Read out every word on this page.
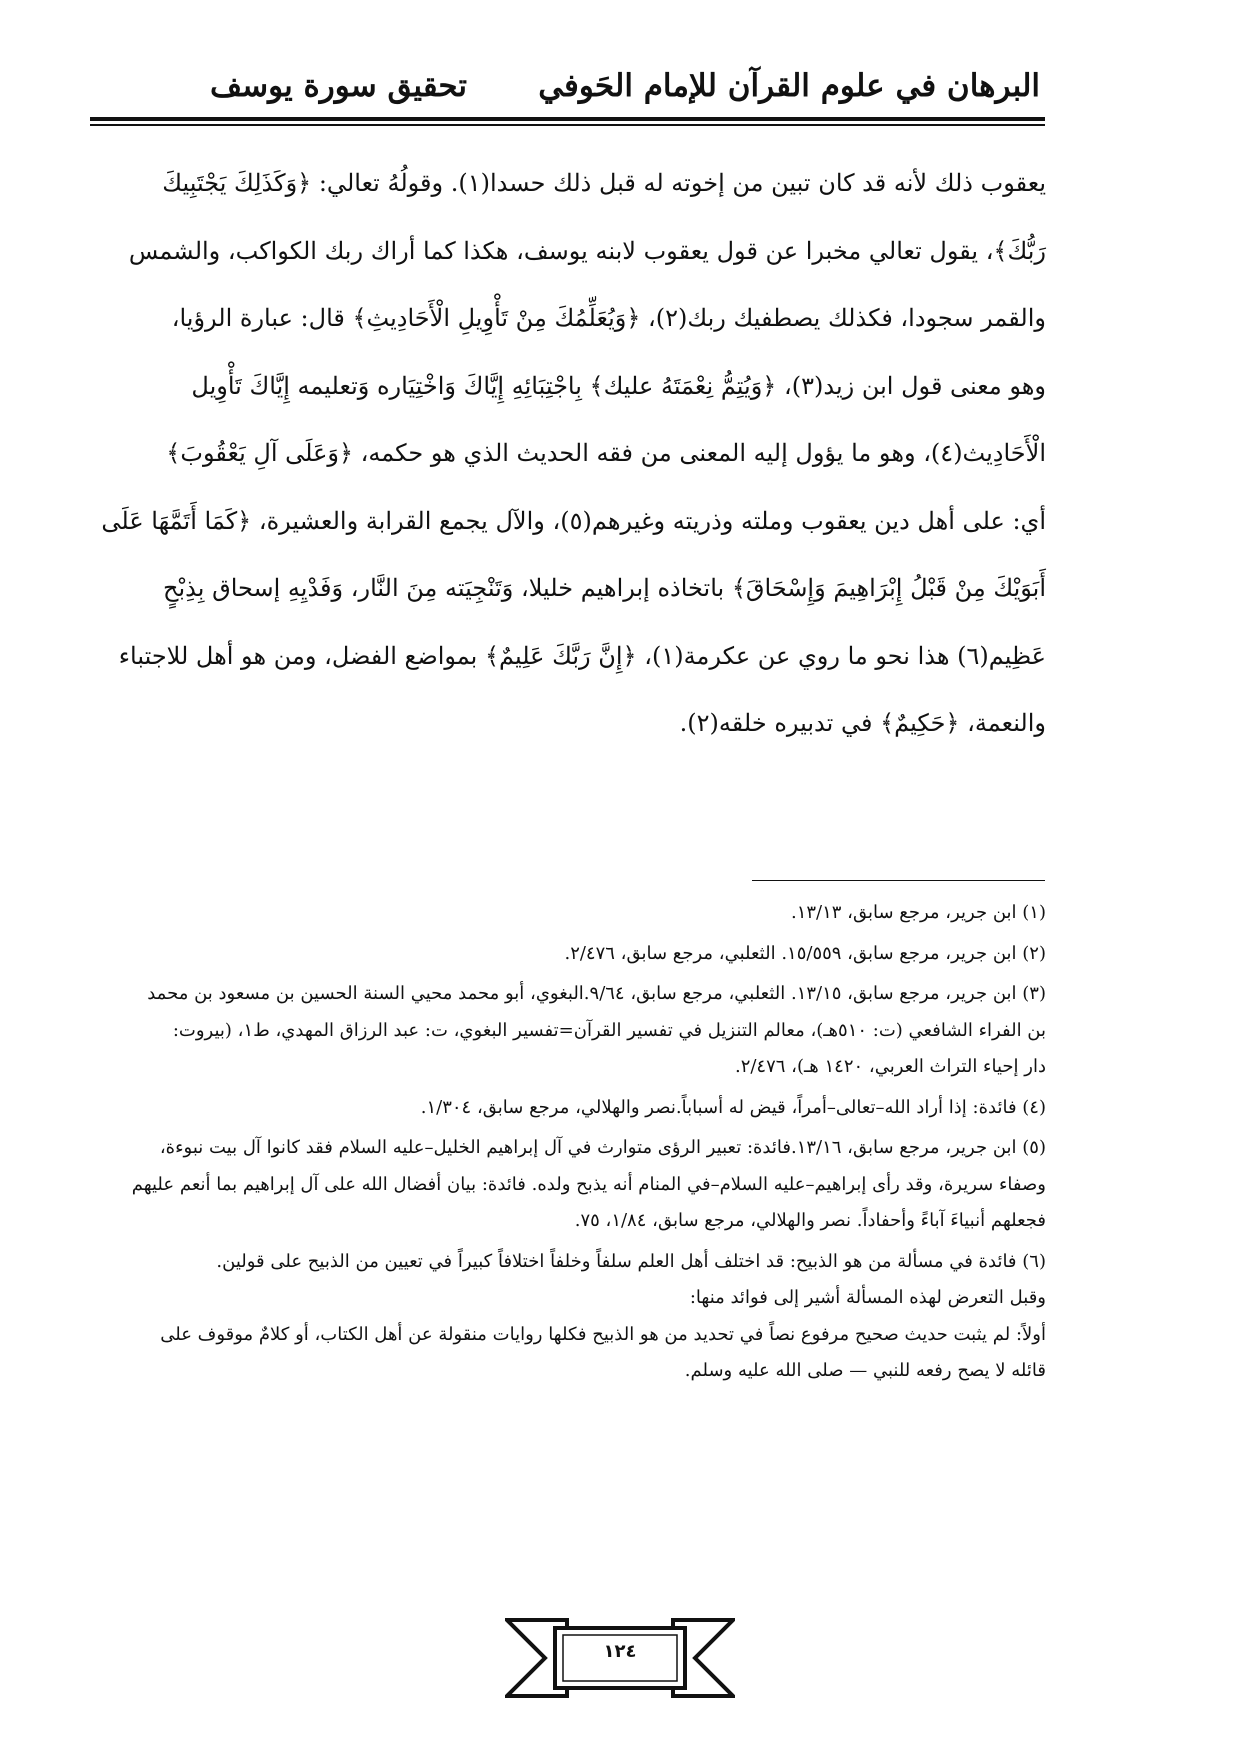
البرهان في علوم القرآن للإمام الحَوفي
تحقيق سورة يوسف
يعقوب ذلك لأنه قد كان تبين من إخوته له قبل ذلك حسدا(١). وقولُهُ تعالي: ﴿وَكَذَلِكَ يَجْتَبِيكَ
رَبُّكَ﴾، يقول تعالي مخبرا عن قول يعقوب لابنه يوسف، هكذا كما أراك ربك الكواكب، والشمس
والقمر سجودا، فكذلك يصطفيك ربك(٢)، ﴿وَيُعَلِّمُكَ مِنْ تَأْوِيلِ الْأَحَادِيثِ﴾ قال: عبارة الرؤيا،
وهو معنى قول ابن زيد(٣)، ﴿وَيُتِمُّ نِعْمَتَهُ عليك﴾ بِاجْتِبَائِهِ إِيَّاكَ وَاخْتِيَاره وَتعليمه إِيَّاكَ تَأْوِيل
الْأَحَادِيث(٤)، وهو ما يؤول إليه المعنى من فقه الحديث الذي هو حكمه، ﴿وَعَلَى آلِ يَعْقُوبَ﴾
أي: على أهل دين يعقوب وملته وذريته وغيرهم(٥)، والآل يجمع القرابة والعشيرة، ﴿كَمَا أَتَمَّهَا عَلَى
أَبَوَيْكَ مِنْ قَبْلُ إِبْرَاهِيمَ وَإِسْحَاقَ﴾ باتخاذه إبراهيم خليلا، وَتَنْجِيَته مِنَ النَّار، وَفَدْيِهِ إسحاق بِذِبْحٍ
عَظِيم(٦) هذا نحو ما روي عن عكرمة(١)، ﴿إِنَّ رَبَّكَ عَلِيمٌ﴾ بمواضع الفضل، ومن هو أهل للاجتباء
والنعمة، ﴿حَكِيمٌ﴾ في تدبيره خلقه(٢).
(١) ابن جرير، مرجع سابق، ١٣/١٣.
(٢) ابن جرير، مرجع سابق، ١٥/٥٥٩. الثعلبي، مرجع سابق، ٢/٤٧٦.
(٣) ابن جرير، مرجع سابق، ١٣/١٥. الثعلبي، مرجع سابق، ٩/٦٤.البغوي، أبو محمد محيي السنة الحسين بن مسعود بن محمد
بن الفراء الشافعي (ت: ٥١٠هـ)، معالم التنزيل في تفسير القرآن=تفسير البغوي، ت: عبد الرزاق المهدي، ط١، (بيروت:
دار إحياء التراث العربي، ١٤٢٠ هـ)، ٢/٤٧٦.
(٤) فائدة: إذا أراد الله–تعالى–أمراً، قيض له أسباباً.نصر والهلالي، مرجع سابق، ١/٣٠٤.
(٥) ابن جرير، مرجع سابق، ١٣/١٦.فائدة: تعبير الرؤى متوارث في آل إبراهيم الخليل–عليه السلام فقد كانوا آل بيت نبوءة،
وصفاء سريرة، وقد رأى إبراهيم–عليه السلام–في المنام أنه يذبح ولده. فائدة: بيان أفضال الله على آل إبراهيم بما أنعم عليهم
فجعلهم أنبياءَ آباءً وأحفاداً. نصر والهلالي، مرجع سابق، ١/٨٤، ٧٥.
(٦) فائدة في مسألة من هو الذبيح: قد اختلف أهل العلم سلفاً وخلفاً اختلافاً كبيراً في تعيين من الذبيح على قولين.
وقبل التعرض لهذه المسألة أشير إلى فوائد منها:
أولاً: لم يثبت حديث صحيح مرفوع نصاً في تحديد من هو الذبيح فكلها روايات منقولة عن أهل الكتاب، أو كلامٌ موقوف على
قائله لا يصح رفعه للنبي — صلى الله عليه وسلم.
١٢٤
